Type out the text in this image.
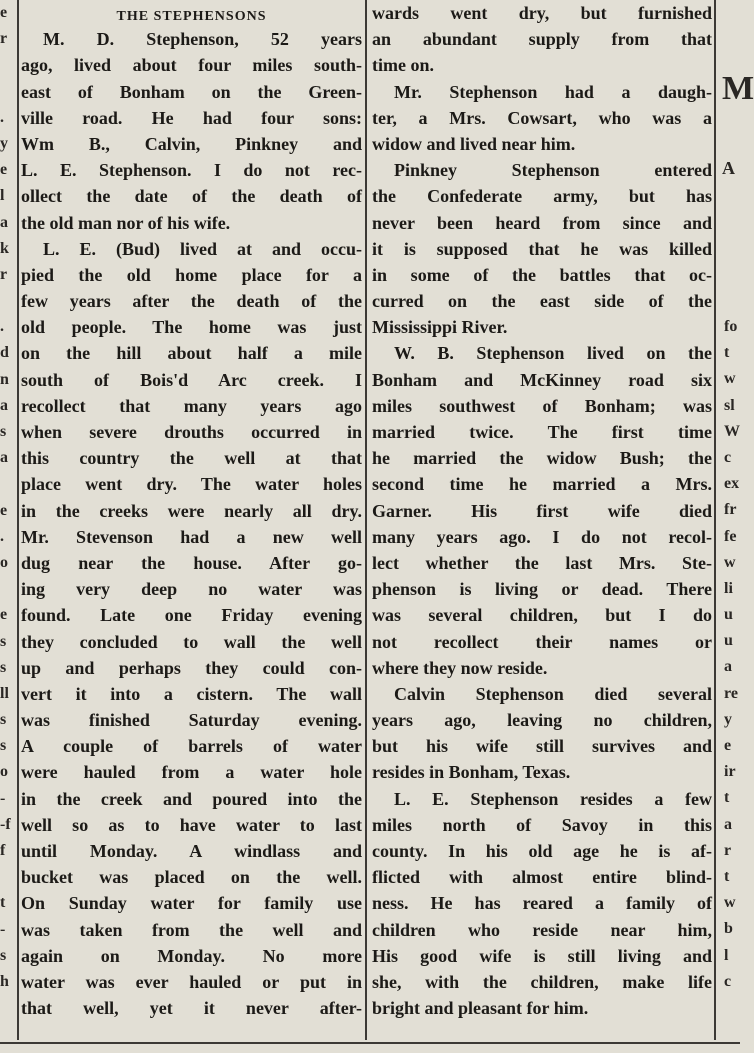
e
r
.
y
e
l
a
k
r
.
d
n
a
s
a
e
.
o
e
s
s
ll
s
s
o
-
-f
f
t
-
s
h
THE STEPHENSONS
M. D. Stephenson, 52 years
ago, lived about four miles south-
east of Bonham on the Green-
ville road. He had four sons:
Wm B., Calvin, Pinkney and
L. E. Stephenson. I do not rec-
ollect the date of the death of
the old man nor of his wife.
L. E. (Bud) lived at and occu-
pied the old home place for a
few years after the death of the
old people. The home was just
on the hill about half a mile
south of Bois'd Arc creek. I
recollect that many years ago
when severe drouths occurred in
this country the well at that
place went dry. The water holes
in the creeks were nearly all dry.
Mr. Stevenson had a new well
dug near the house. After go-
ing very deep no water was
found. Late one Friday evening
they concluded to wall the well
up and perhaps they could con-
vert it into a cistern. The wall
was finished Saturday evening.
A couple of barrels of water
were hauled from a water hole
in the creek and poured into the
well so as to have water to last
until Monday. A windlass and
bucket was placed on the well.
On Sunday water for family use
was taken from the well and
again on Monday. No more
water was ever hauled or put in
that well, yet it never after-
wards went dry, but furnished
an abundant supply from that
time on.
Mr. Stephenson had a daugh-
ter, a Mrs. Cowsart, who was a
widow and lived near him.
Pinkney Stephenson entered
the Confederate army, but has
never been heard from since and
it is supposed that he was killed
in some of the battles that oc-
curred on the east side of the
Mississippi River.
W. B. Stephenson lived on the
Bonham and McKinney road six
miles southwest of Bonham; was
married twice. The first time
he married the widow Bush; the
second time he married a Mrs.
Garner. His first wife died
many years ago. I do not recol-
lect whether the last Mrs. Ste-
phenson is living or dead. There
was several children, but I do
not recollect their names or
where they now reside.
Calvin Stephenson died several
years ago, leaving no children,
but his wife still survives and
resides in Bonham, Texas.
L. E. Stephenson resides a few
miles north of Savoy in this
county. In his old age he is af-
flicted with almost entire blind-
ness. He has reared a family of
children who reside near him,
His good wife is still living and
she, with the children, make life
bright and pleasant for him.
M
A
fo
t
w
sl
W
c
ex
fr
fe
w
li
u
u
a
re
y
e
ir
t
a
r
t
w
b
l
c
